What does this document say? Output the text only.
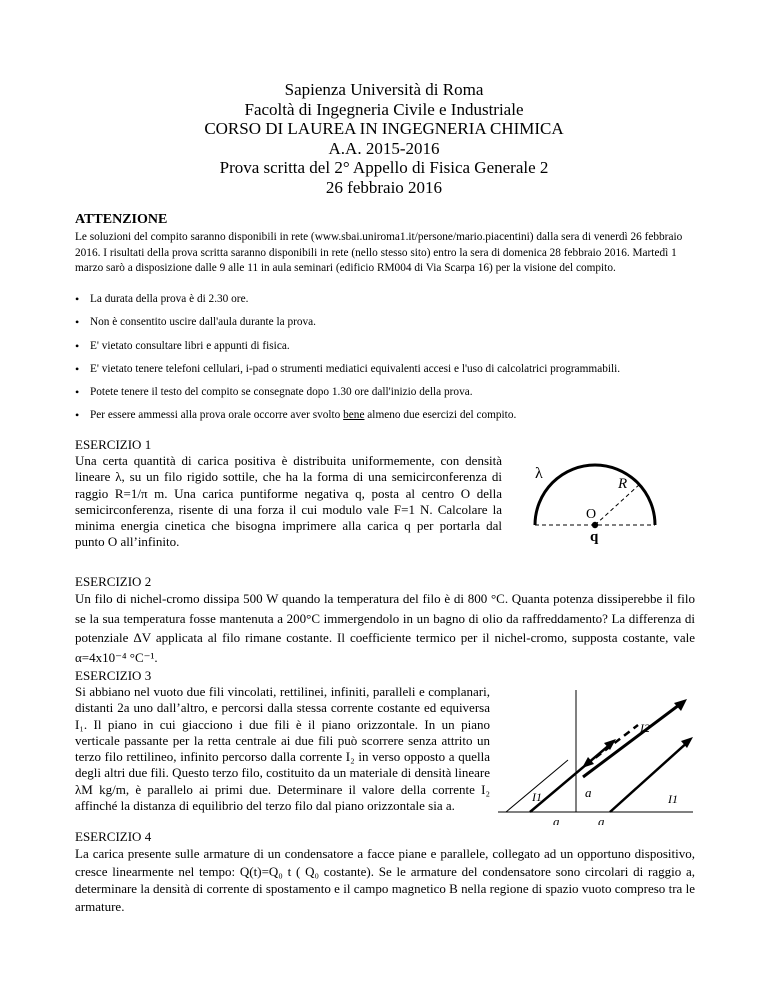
Sapienza Università di Roma
Facoltà di Ingegneria Civile e Industriale
CORSO DI LAUREA IN INGEGNERIA CHIMICA
A.A. 2015-2016
Prova scritta del 2° Appello di Fisica Generale 2
26 febbraio 2016
ATTENZIONE
Le soluzioni del compito saranno disponibili in rete (www.sbai.uniroma1.it/persone/mario.piacentini) dalla sera di venerdì 26 febbraio 2016. I risultati della prova scritta saranno disponibili in rete (nello stesso sito) entro la sera di domenica 28 febbraio 2016. Martedì 1 marzo sarò a disposizione dalle 9 alle 11 in aula seminari (edificio RM004 di Via Scarpa 16) per la visione del compito.
• La durata della prova è di 2.30 ore.
• Non è consentito uscire dall'aula durante la prova.
• E' vietato consultare libri e appunti di fisica.
• E' vietato tenere telefoni cellulari, i-pad o strumenti mediatici equivalenti accesi e l'uso di calcolatrici programmabili.
• Potete tenere il testo del compito se consegnate dopo 1.30 ore dall'inizio della prova.
• Per essere ammessi alla prova orale occorre aver svolto bene almeno due esercizi del compito.
ESERCIZIO 1
Una certa quantità di carica positiva è distribuita uniformemente, con densità lineare λ, su un filo rigido sottile, che ha la forma di una semicirconferenza di raggio R=1/π m. Una carica puntiforme negativa q, posta al centro O della semicirconferenza, risente di una forza il cui modulo vale F=1 N. Calcolare la minima energia cinetica che bisogna imprimere alla carica q per portarla dal punto O all’infinito.
λ
R
O
q
ESERCIZIO 2
Un filo di nichel-cromo dissipa 500 W quando la temperatura del filo è di 800 °C. Quanta potenza dissiperebbe il filo se la sua temperatura fosse mantenuta a 200°C immergendolo in un bagno di olio da raffreddamento? La differenza di potenziale ΔV applicata al filo rimane costante. Il coefficiente termico per il nichel-cromo, supposta costante, vale α=4x10⁻⁴ °C⁻¹.
ESERCIZIO 3
Si abbiano nel vuoto due fili vincolati, rettilinei, infiniti, paralleli e complanari, distanti 2a uno dall’altro, e percorsi dalla stessa corrente costante ed equiversa I₁. Il piano in cui giacciono i due fili è il piano orizzontale. In un piano verticale passante per la retta centrale ai due fili può scorrere senza attrito un terzo filo rettilineo, infinito percorso dalla corrente I₂ in verso opposto a quella degli altri due fili. Questo terzo filo, costituito da un materiale di densità lineare λM kg/m, è parallelo ai primi due. Determinare il valore della corrente I₂ affinché la distanza di equilibrio del terzo filo dal piano orizzontale sia a.
I2
I1	I1
a
a	a
ESERCIZIO 4
La carica presente sulle armature di un condensatore a facce piane e parallele, collegato ad un opportuno dispositivo, cresce linearmente nel tempo: Q(t)=Q₀ t ( Q₀ costante). Se le armature del condensatore sono circolari di raggio a, determinare la densità di corrente di spostamento e il campo magnetico B nella regione di spazio vuoto compreso tra le armature.
